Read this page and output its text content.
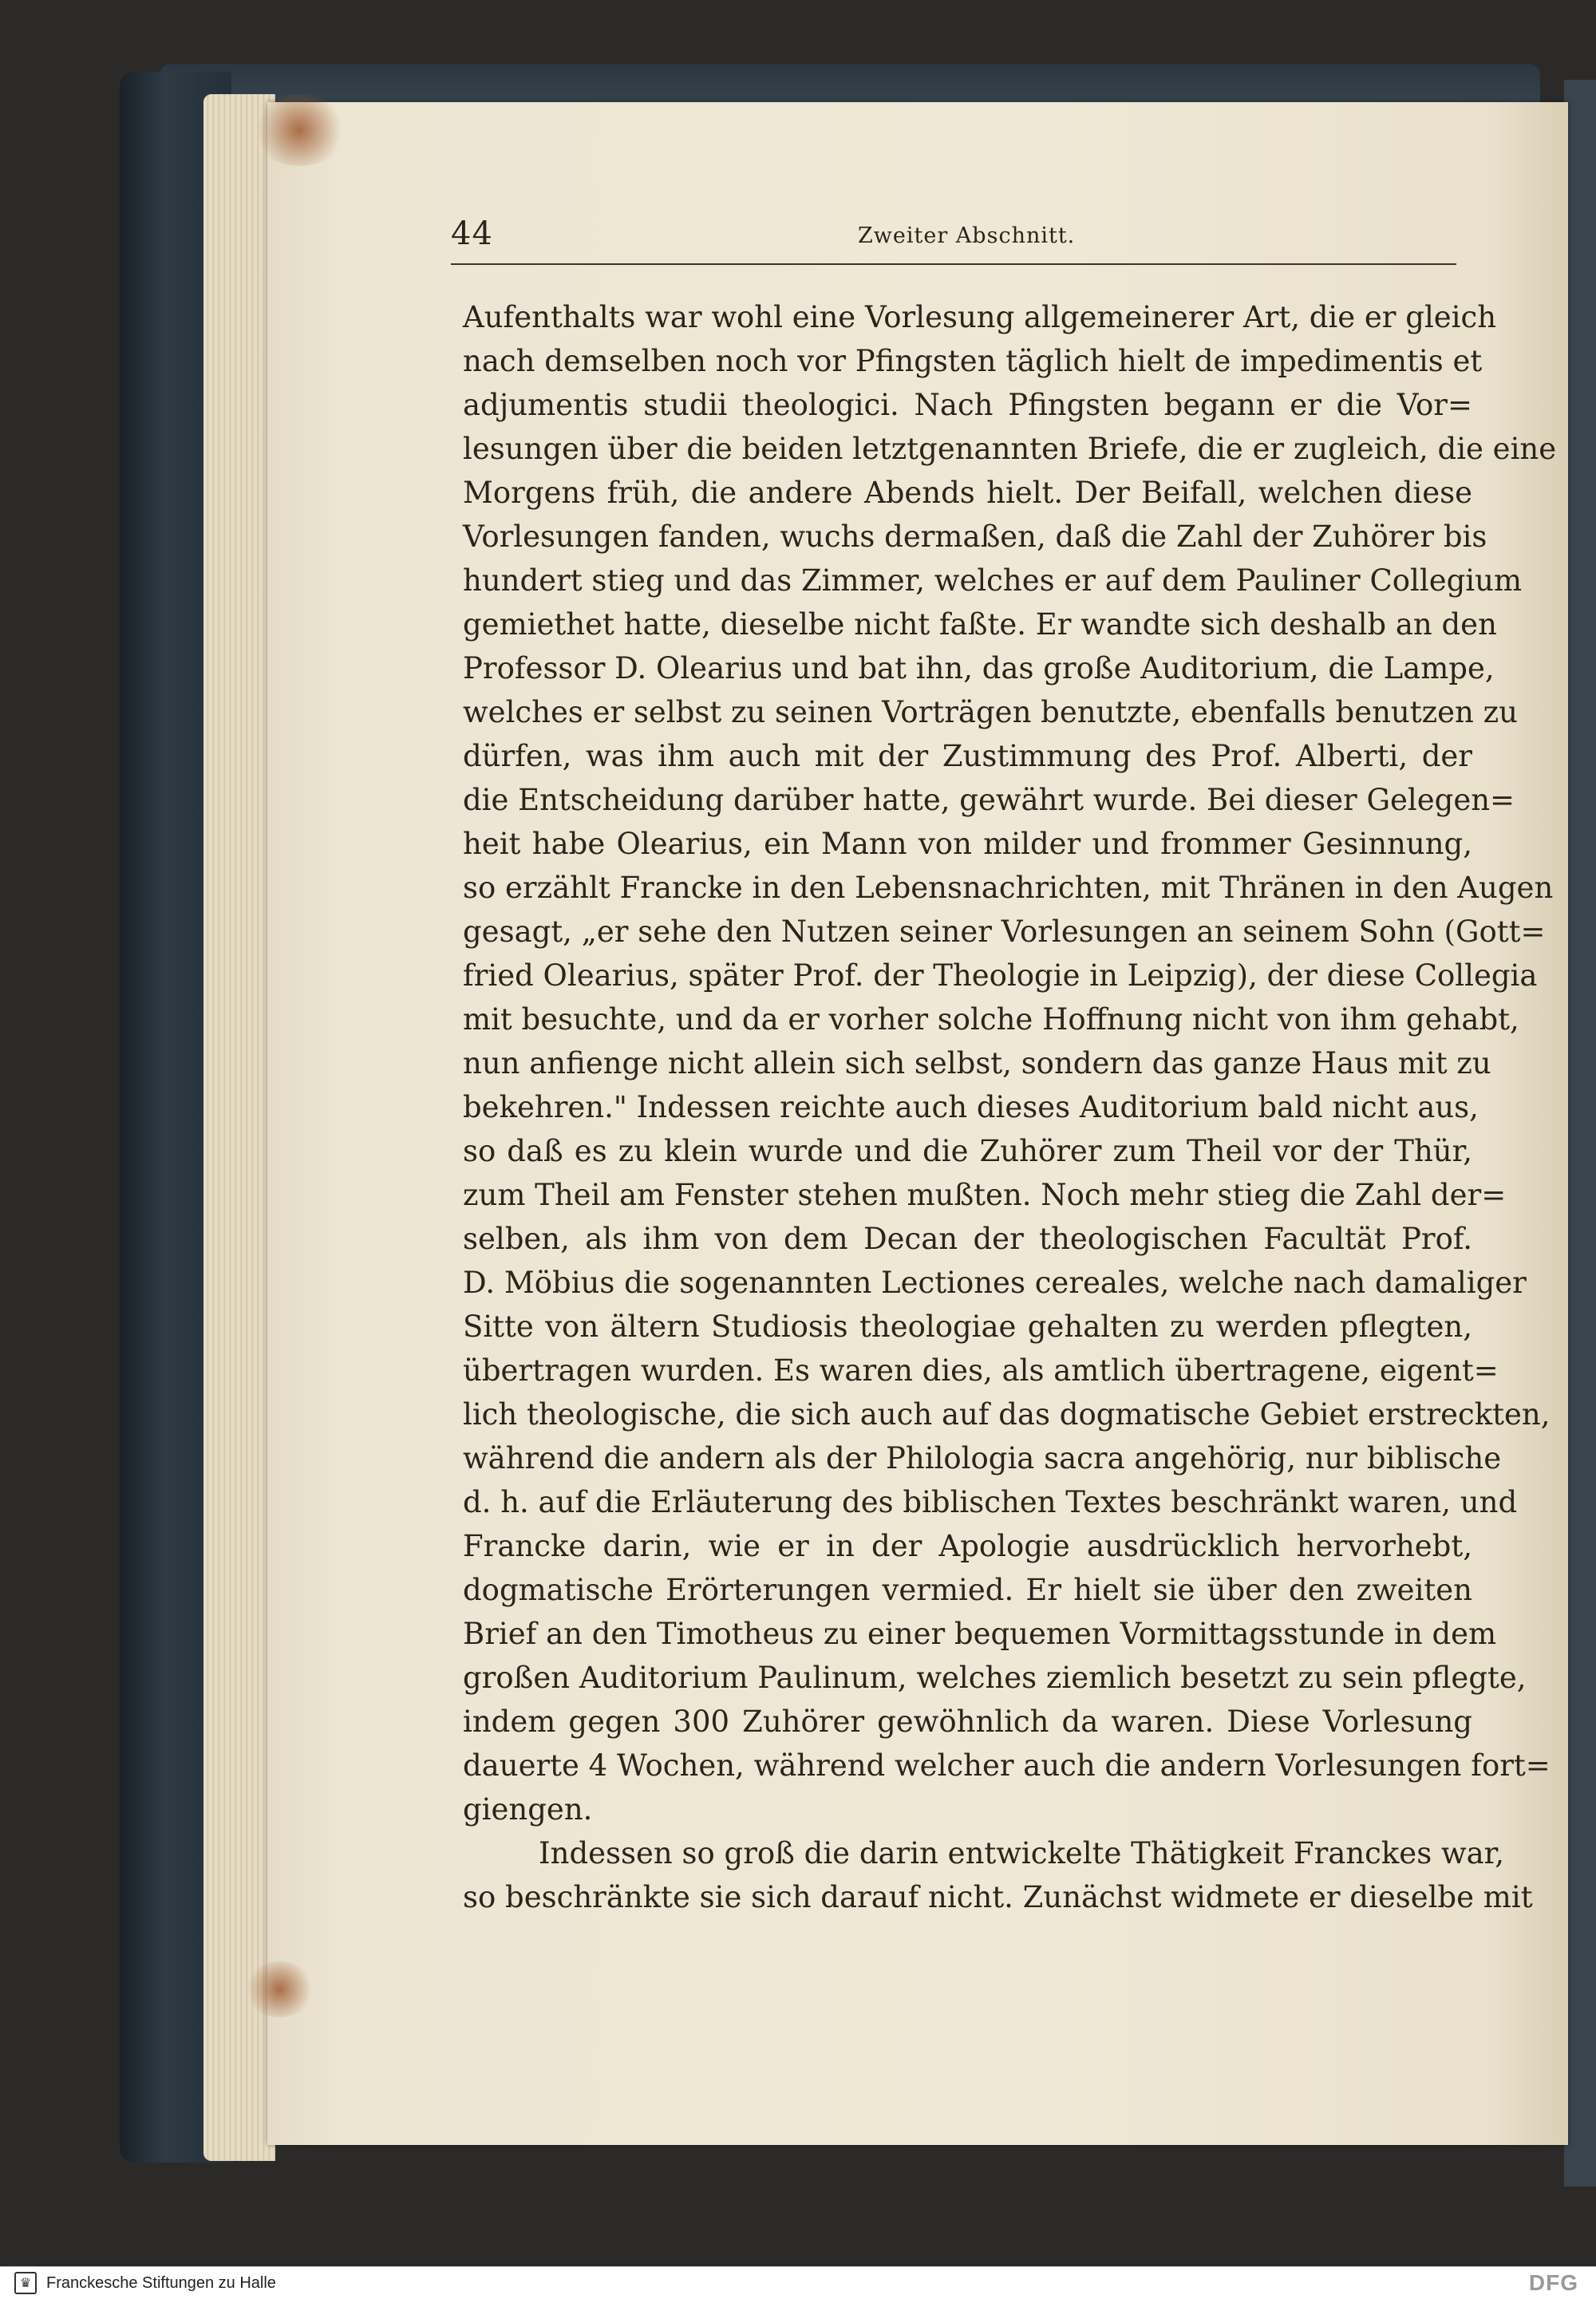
44	Zweiter Abschnitt.
Aufenthalts war wohl eine Vorlesung allgemeinerer Art, die er gleich
nach demselben noch vor Pfingsten täglich hielt de impedimentis et
adjumentis studii theologici. Nach Pfingsten begann er die Vor=
lesungen über die beiden letztgenannten Briefe, die er zugleich, die eine
Morgens früh, die andere Abends hielt. Der Beifall, welchen diese
Vorlesungen fanden, wuchs dermaßen, daß die Zahl der Zuhörer bis
hundert stieg und das Zimmer, welches er auf dem Pauliner Collegium
gemiethet hatte, dieselbe nicht faßte. Er wandte sich deshalb an den
Professor D. Olearius und bat ihn, das große Auditorium, die Lampe,
welches er selbst zu seinen Vorträgen benutzte, ebenfalls benutzen zu
dürfen, was ihm auch mit der Zustimmung des Prof. Alberti, der
die Entscheidung darüber hatte, gewährt wurde. Bei dieser Gelegen=
heit habe Olearius, ein Mann von milder und frommer Gesinnung,
so erzählt Francke in den Lebensnachrichten, mit Thränen in den Augen
gesagt, „er sehe den Nutzen seiner Vorlesungen an seinem Sohn (Gott=
fried Olearius, später Prof. der Theologie in Leipzig), der diese Collegia
mit besuchte, und da er vorher solche Hoffnung nicht von ihm gehabt,
nun anfienge nicht allein sich selbst, sondern das ganze Haus mit zu
bekehren." Indessen reichte auch dieses Auditorium bald nicht aus,
so daß es zu klein wurde und die Zuhörer zum Theil vor der Thür,
zum Theil am Fenster stehen mußten. Noch mehr stieg die Zahl der=
selben, als ihm von dem Decan der theologischen Facultät Prof.
D. Möbius die sogenannten Lectiones cereales, welche nach damaliger
Sitte von ältern Studiosis theologiae gehalten zu werden pflegten,
übertragen wurden. Es waren dies, als amtlich übertragene, eigent=
lich theologische, die sich auch auf das dogmatische Gebiet erstreckten,
während die andern als der Philologia sacra angehörig, nur biblische
d. h. auf die Erläuterung des biblischen Textes beschränkt waren, und
Francke darin, wie er in der Apologie ausdrücklich hervorhebt,
dogmatische Erörterungen vermied. Er hielt sie über den zweiten
Brief an den Timotheus zu einer bequemen Vormittagsstunde in dem
großen Auditorium Paulinum, welches ziemlich besetzt zu sein pflegte,
indem gegen 300 Zuhörer gewöhnlich da waren. Diese Vorlesung
dauerte 4 Wochen, während welcher auch die andern Vorlesungen fort=
giengen.
Indessen so groß die darin entwickelte Thätigkeit Franckes war,
so beschränkte sie sich darauf nicht. Zunächst widmete er dieselbe mit
♛ Franckesche Stiftungen zu Halle	DFG
